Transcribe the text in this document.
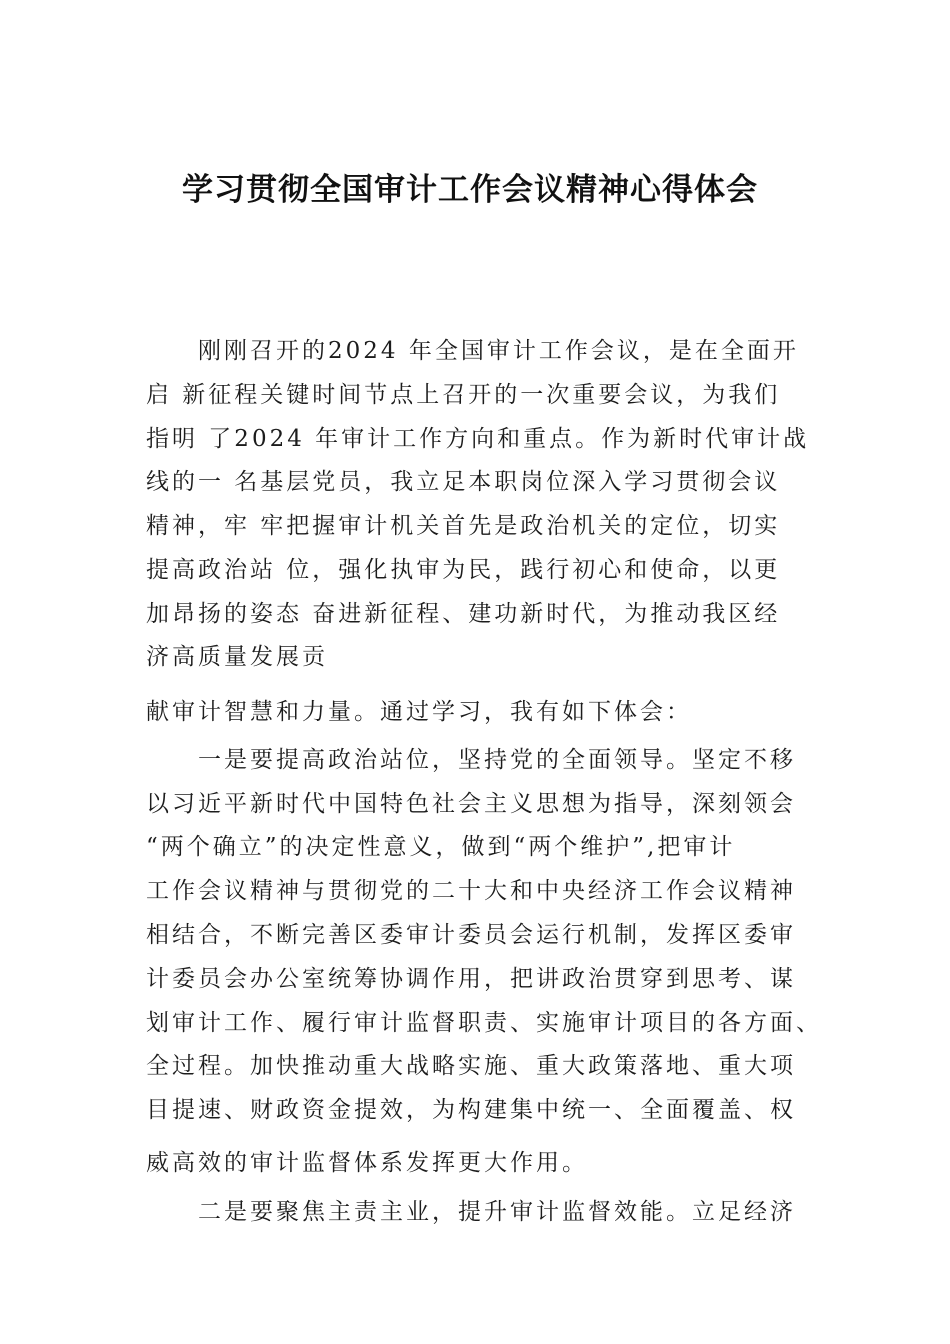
学习贯彻全国审计工作会议精神心得体会
　　刚刚召开的2024 年全国审计工作会议，是在全面开
启 新征程关键时间节点上召开的一次重要会议，为我们
指明 了2024 年审计工作方向和重点。作为新时代审计战
线的一 名基层党员，我立足本职岗位深入学习贯彻会议
精神，牢 牢把握审计机关首先是政治机关的定位，切实
提高政治站 位，强化执审为民，践行初心和使命，以更
加昂扬的姿态 奋进新征程、建功新时代，为推动我区经
济高质量发展贡
献审计智慧和力量。通过学习，我有如下体会：
　　一是要提高政治站位，坚持党的全面领导。坚定不移
以习近平新时代中国特色社会主义思想为指导，深刻领会
“两个确立”的决定性意义，做到“两个维护”,把审计
工作会议精神与贯彻党的二十大和中央经济工作会议精神
相结合，不断完善区委审计委员会运行机制，发挥区委审
计委员会办公室统筹协调作用，把讲政治贯穿到思考、谋
划审计工作、履行审计监督职责、实施审计项目的各方面、
全过程。加快推动重大战略实施、重大政策落地、重大项
目提速、财政资金提效，为构建集中统一、全面覆盖、权
威高效的审计监督体系发挥更大作用。
　　二是要聚焦主责主业，提升审计监督效能。立足经济
